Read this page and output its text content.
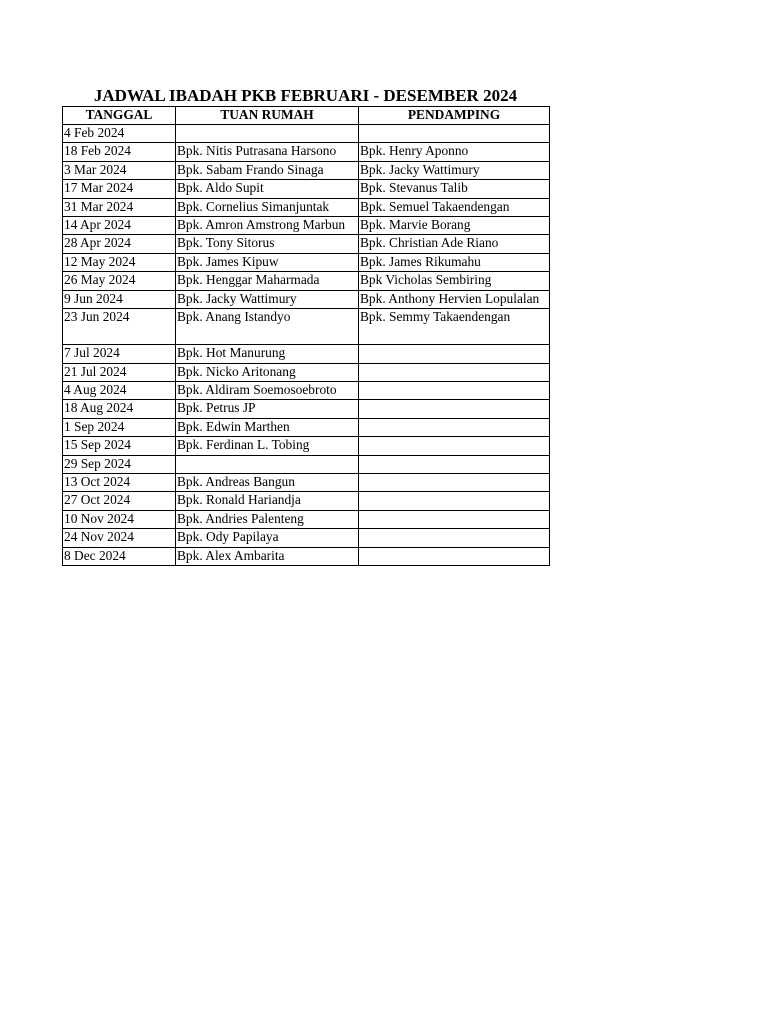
JADWAL IBADAH PKB FEBRUARI - DESEMBER 2024
TANGGAL	TUAN RUMAH	PENDAMPING
4 Feb 2024		
18 Feb 2024	Bpk. Nitis Putrasana Harsono	Bpk. Henry Aponno
3 Mar 2024	Bpk. Sabam Frando Sinaga	Bpk. Jacky Wattimury
17 Mar 2024	Bpk. Aldo Supit	Bpk. Stevanus Talib
31 Mar 2024	Bpk. Cornelius Simanjuntak	Bpk. Semuel Takaendengan
14 Apr 2024	Bpk. Amron Amstrong Marbun	Bpk. Marvie Borang
28 Apr 2024	Bpk. Tony Sitorus	Bpk. Christian Ade Riano
12 May 2024	Bpk. James Kipuw	Bpk. James Rikumahu
26 May 2024	Bpk. Henggar Maharmada	Bpk Vicholas Sembiring
9 Jun 2024	Bpk. Jacky Wattimury	Bpk. Anthony Hervien Lopulalan
23 Jun 2024	Bpk. Anang Istandyo	Bpk. Semmy Takaendengan
7 Jul 2024	Bpk. Hot Manurung	
21 Jul 2024	Bpk. Nicko Aritonang	
4 Aug 2024	Bpk. Aldiram Soemosoebroto	
18 Aug 2024	Bpk. Petrus JP	
1 Sep 2024	Bpk. Edwin Marthen	
15 Sep 2024	Bpk. Ferdinan L. Tobing	
29 Sep 2024		
13 Oct 2024	Bpk. Andreas Bangun	
27 Oct 2024	Bpk. Ronald Hariandja	
10 Nov 2024	Bpk. Andries Palenteng	
24 Nov 2024	Bpk. Ody Papilaya	
8 Dec 2024	Bpk. Alex Ambarita	
